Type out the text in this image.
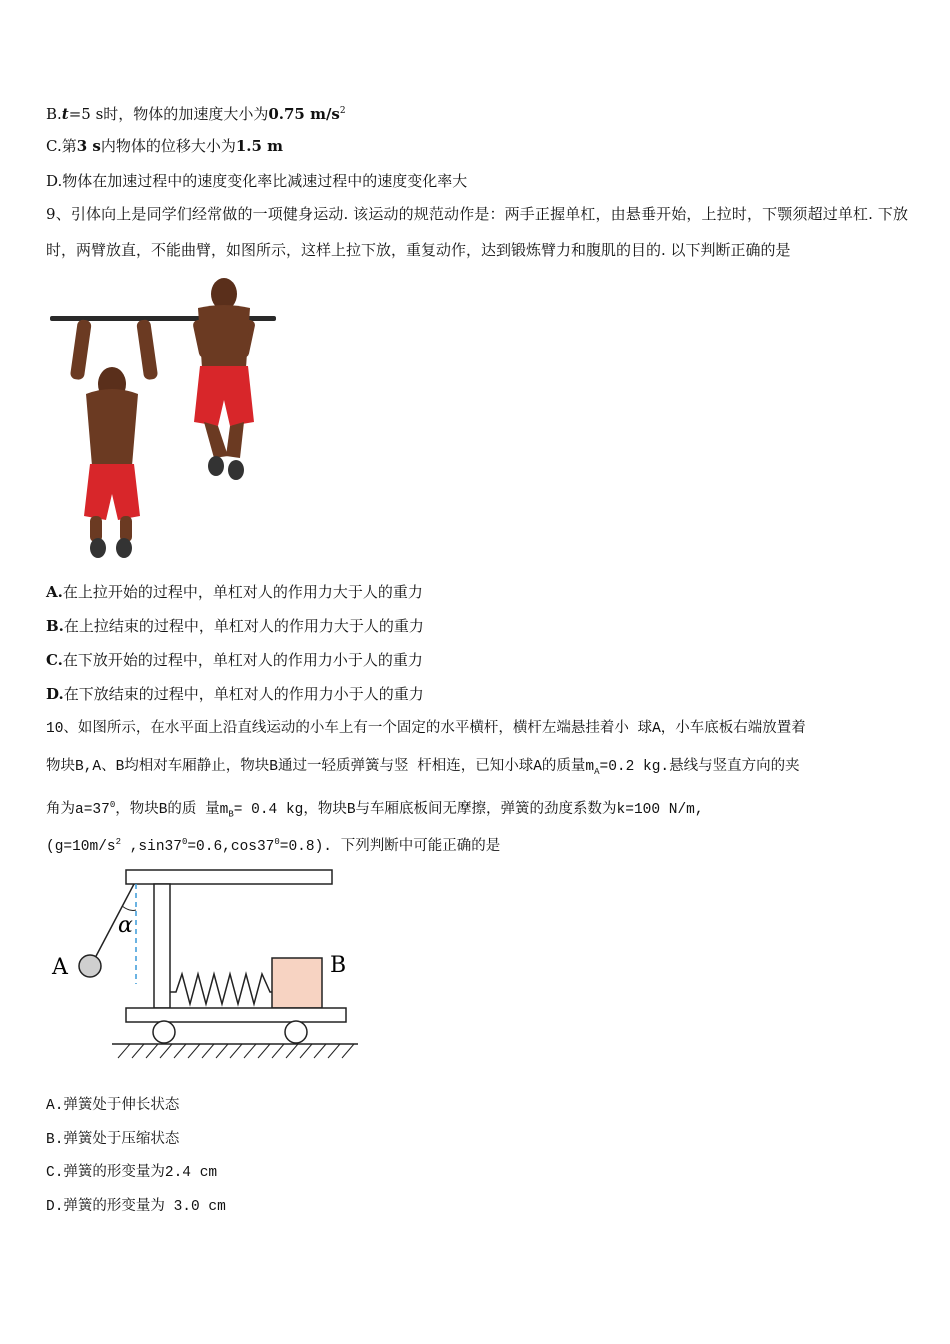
B.t=5 s时，物体的加速度大小为0.75 $m/s^2$
C.第3 s内物体的位移大小为1.5 m
D.物体在加速过程中的速度变化率比减速过程中的速度变化率大
9、引体向上是同学们经常做的一项健身运动. 该运动的规范动作是：两手正握单杠，由悬垂开始，上拉时，下颚须超过单杠. 下放时，两臂放直，不能曲臂，如图所示，这样上拉下放，重复动作，达到锻炼臂力和腹肌的目的. 以下判断正确的是
A.在上拉开始的过程中，单杠对人的作用力大于人的重力
B.在上拉结束的过程中，单杠对人的作用力大于人的重力
C.在下放开始的过程中，单杠对人的作用力小于人的重力
D.在下放结束的过程中，单杠对人的作用力小于人的重力
10、如图所示，在水平面上沿直线运动的小车上有一个固定的水平横杆，横杆左端悬挂着小 球A，小车底板右端放置着
物块B,A、B均相对车厢静止，物块B通过一轻质弹簧与竖 杆相连，已知小球A的质量$m_A=0.2$ kg.悬线与竖直方向的夹
角为$a=37^0$，物块B的质 量$m_B= 0.4$ kg，物块B与车厢底板间无摩擦，弹簧的劲度系数为k=100 N/m,
($g=10m/s^2$ $,\sin 37^0=0.6,\cos 37^0=0.8$). 下列判断中可能正确的是
α
A	B
A.弹簧处于伸长状态
B.弹簧处于压缩状态
C.弹簧的形变量为2.4 cm
D.弹簧的形变量为 3.0 cm
